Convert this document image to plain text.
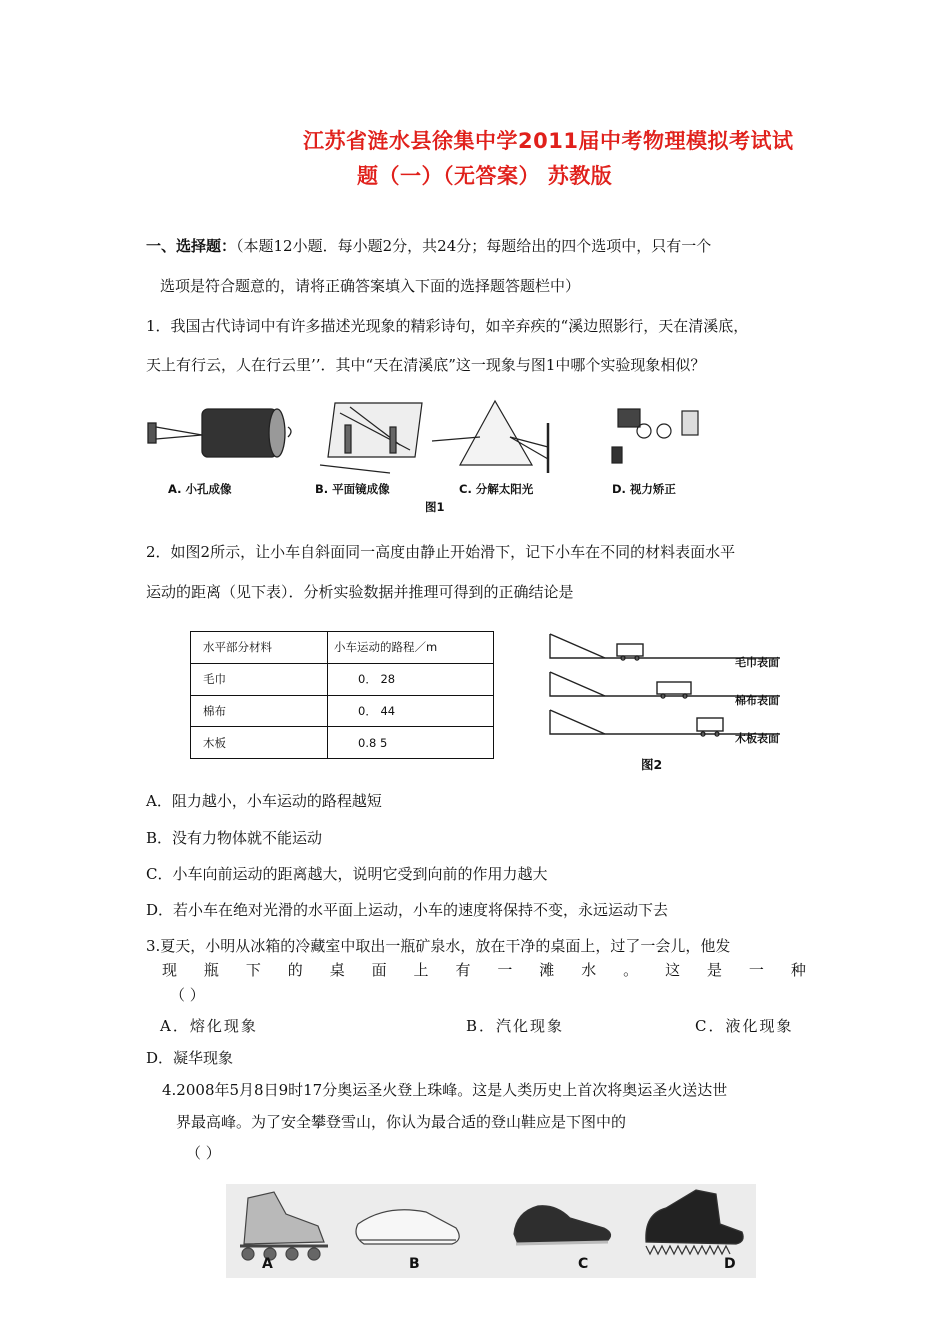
江苏省涟水县徐集中学2011届中考物理模拟考试试
题（一）（无答案） 苏教版
一、选择题：（本题12小题．每小题2分，共24分；每题给出的四个选项中，只有一个
选项是符合题意的，请将正确答案填入下面的选择题答题栏中）
1．我国古代诗词中有许多描述光现象的精彩诗句，如辛弃疾的“溪边照影行，天在清溪底，
天上有行云，人在行云里’’．其中“天在清溪底”这一现象与图1中哪个实验现象相似？
A. 小孔成像	B. 平面镜成像	C. 分解太阳光	D. 视力矫正
图1
2．如图2所示，让小车自斜面同一高度由静止开始滑下，记下小车在不同的材料表面水平
运动的距离（见下表）．分析实验数据并推理可得到的正确结论是
水平部分材料	小车运动的路程／m
毛巾	0． 28
棉布	0． 44
木板	0.8 5
毛巾表面
棉布表面
木板表面
图2
A．阻力越小，小车运动的路程越短
B．没有力物体就不能运动
C．小车向前运动的距离越大，说明它受到向前的作用力越大
D．若小车在绝对光滑的水平面上运动，小车的速度将保持不变，永远运动下去
3.夏天，小明从冰箱的冷藏室中取出一瓶矿泉水，放在干净的桌面上，过了一会儿，他发
现 瓶 下 的 桌 面 上 有 一 滩 水 。 这 是 一 种
（ ）
A．熔化现象	B．汽化现象	C．液化现象
D．凝华现象
4.2008年5月8日9时17分奥运圣火登上珠峰。这是人类历史上首次将奥运圣火送达世
界最高峰。为了安全攀登雪山，你认为最合适的登山鞋应是下图中的
（ ）
A	B	C	D
